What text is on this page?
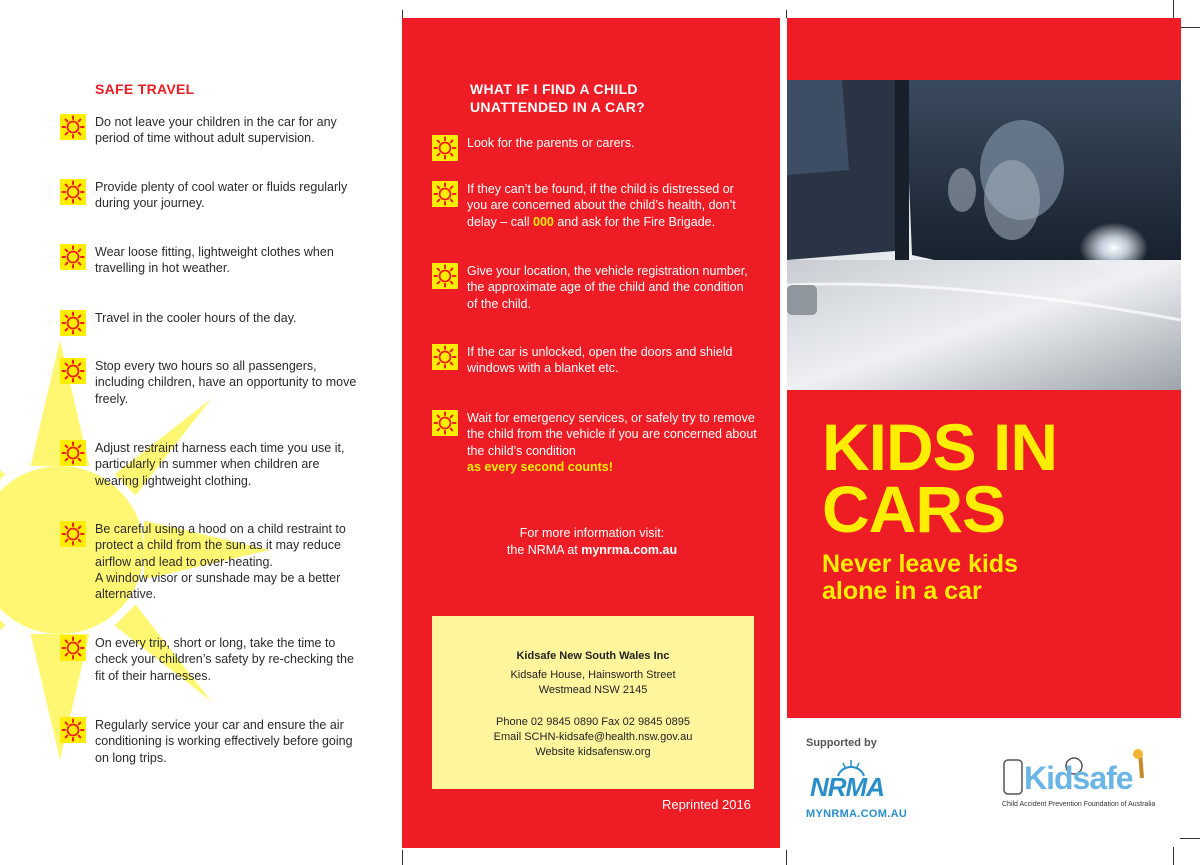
SAFE TRAVEL
Do not leave your children in the car for any period of time without adult supervision.
Provide plenty of cool water or fluids regularly during your journey.
Wear loose fitting, lightweight clothes when travelling in hot weather.
Travel in the cooler hours of the day.
Stop every two hours so all passengers, including children, have an opportunity to move freely.
Adjust restraint harness each time you use it, particularly in summer when children are wearing lightweight clothing.
Be careful using a hood on a child restraint to protect a child from the sun as it may reduce airflow and lead to over-heating.
A window visor or sunshade may be a better alternative.
On every trip, short or long, take the time to check your children’s safety by re-checking the fit of their harnesses.
Regularly service your car and ensure the air conditioning is working effectively before going on long trips.
WHAT IF I FIND A CHILD
UNATTENDED IN A CAR?
Look for the parents or carers.
If they can’t be found, if the child is distressed or you are concerned about the child’s health, don’t delay – call 000 and ask for the Fire Brigade.
Give your location, the vehicle registration number, the approximate age of the child and the condition of the child.
If the car is unlocked, open the doors and shield windows with a blanket etc.
Wait for emergency services, or safely try to remove the child from the vehicle if you are concerned about the child’s condition
as every second counts!
For more information visit:
the NRMA at mynrma.com.au
Kidsafe New South Wales Inc
Kidsafe House, Hainsworth Street
Westmead NSW 2145
Phone 02 9845 0890 Fax 02 9845 0895
Email SCHN-kidsafe@health.nsw.gov.au
Website kidsafensw.org
Reprinted 2016
KIDS IN
CARS
Never leave kids
alone in a car
Supported by
NRMA
MYNRMA.COM.AU
Kidsafe
Child Accident Prevention Foundation of Australia
